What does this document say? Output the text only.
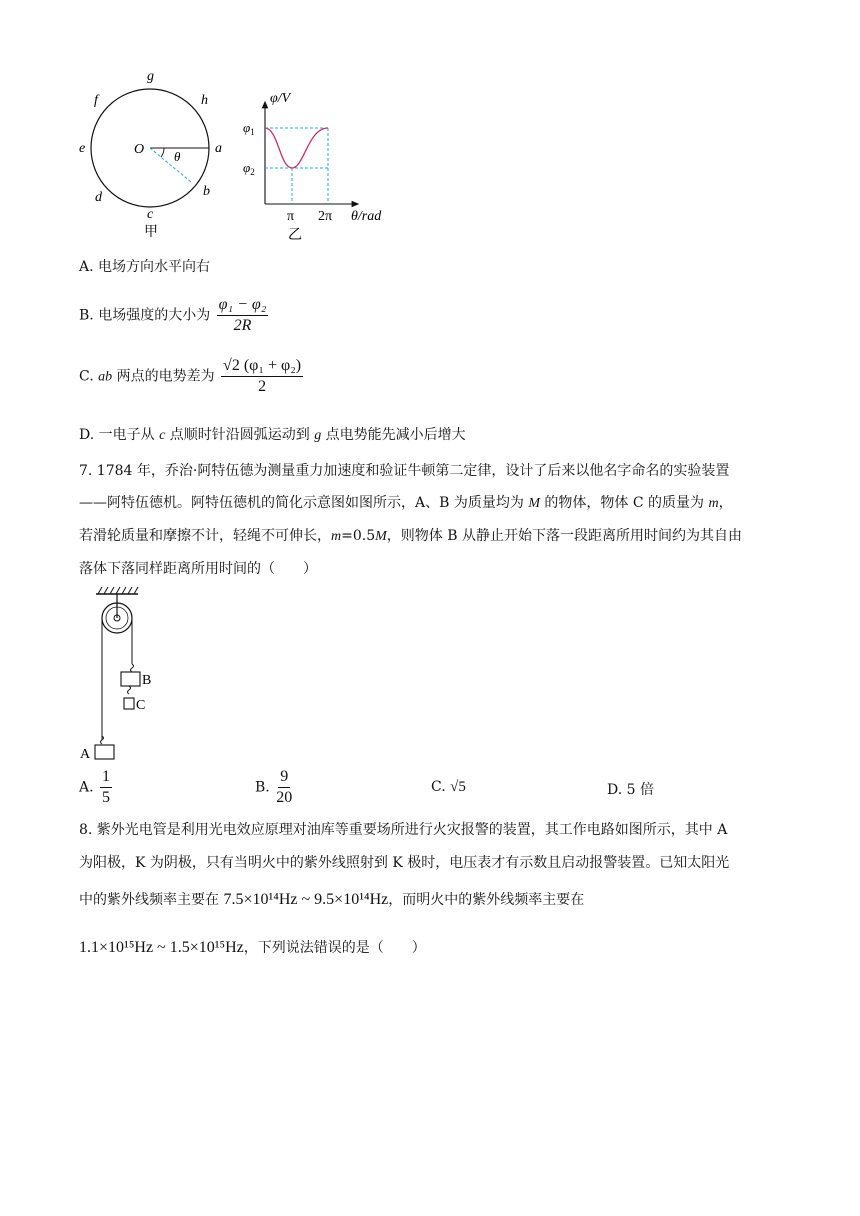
g
h
a
b
c
d
e
f
O θ
甲
φ/V
$\varphi_1$
$\varphi_2$
π 2π θ/rad
乙
A. 电场方向水平向右
B. 电场强度的大小为 $\frac{\text{φ₁ − φ₂}}{2R}$
C. ab 两点的电势差为 $\frac{\text{√2 (φ₁ + φ₂)}}{2}$
D. 一电子从 c 点顺时针沿圆弧运动到 g 点电势能先减小后增大
7. 1784 年，乔治·阿特伍德为测量重力加速度和验证牛顿第二定律，设计了后来以他名字命名的实验装置
——阿特伍德机。阿特伍德机的简化示意图如图所示，A、B 为质量均为 M 的物体，物体 C 的质量为 m，
若滑轮质量和摩擦不计，轻绳不可伸长，m=0.5M，则物体 B 从静止开始下落一段距离所用时间约为其自由
落体下落同样距离所用时间的（　　）
B
C
A
A. $\frac{1}{5}$	B. $\frac{9}{20}$	C. √5	D. 5 倍
8. 紫外光电管是利用光电效应原理对油库等重要场所进行火灾报警的装置，其工作电路如图所示，其中 A
为阳极，K 为阴极，只有当明火中的紫外线照射到 K 极时，电压表才有示数且启动报警装置。已知太阳光
中的紫外线频率主要在 7.5×10¹⁴Hz ~ 9.5×10¹⁴Hz，而明火中的紫外线频率主要在
1.1×10¹⁵Hz ~ 1.5×10¹⁵Hz，下列说法错误的是（　　）
